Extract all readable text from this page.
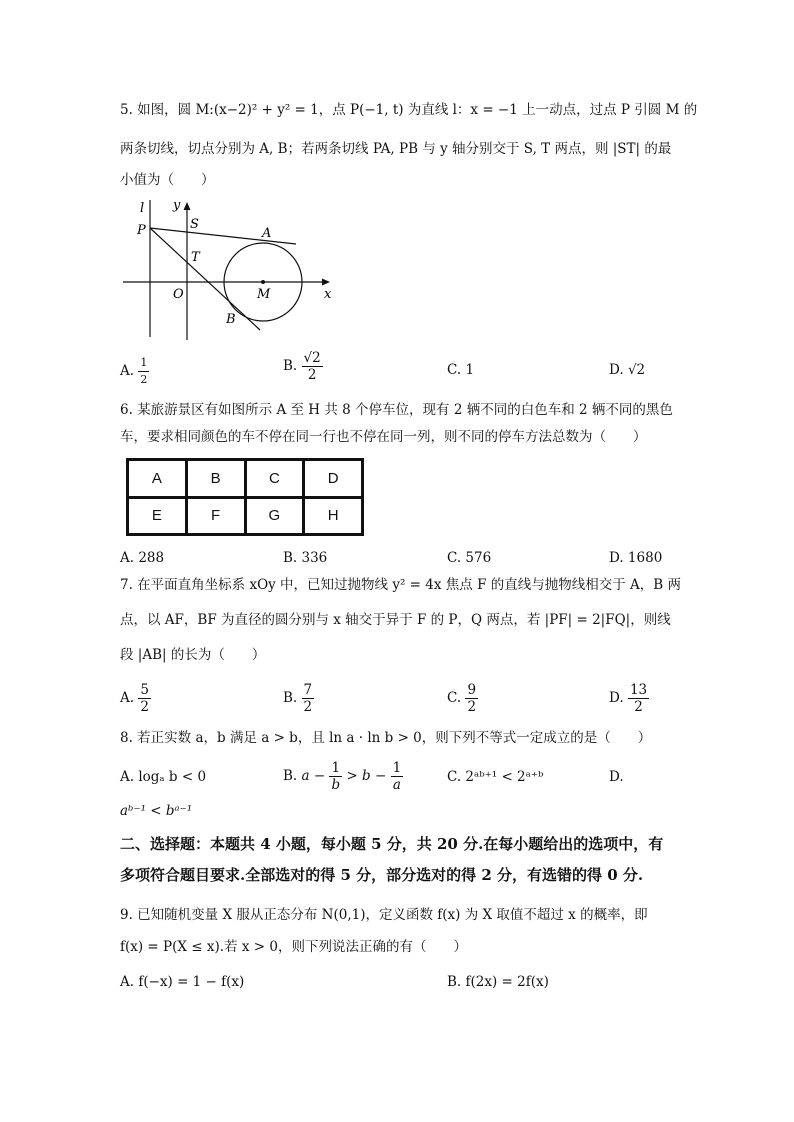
5. 如图，圆 M:(x−2)² + y² = 1，点 P(−1, t) 为直线 l：x = −1 上一动点，过点 P 引圆 M 的
两条切线，切点分别为 A, B；若两条切线 PA, PB 与 y 轴分别交于 S, T 两点，则 |ST| 的最
小值为（　　）
l y
P	S
A
T
O	M	x
B
A. $\frac{1}{2}$	B. $\frac{√2}{2}$	C. 1	D. √2
6. 某旅游景区有如图所示 A 至 H 共 8 个停车位，现有 2 辆不同的白色车和 2 辆不同的黑色
车，要求相同颜色的车不停在同一行也不停在同一列，则不同的停车方法总数为（　　）
A	B	C	D
E	F	G	H
A. 288	B. 336	C. 576	D. 1680
7. 在平面直角坐标系 xOy 中，已知过抛物线 y² = 4x 焦点 F 的直线与抛物线相交于 A，B 两
点，以 AF，BF 为直径的圆分别与 x 轴交于异于 F 的 P，Q 两点，若 |PF| = 2|FQ|，则线
段 |AB| 的长为（　　）
A. $\frac{5}{2}$	B. $\frac{7}{2}$	C. $\frac{9}{2}$	D. $\frac{13}{2}$
8. 若正实数 a，b 满足 a > b，且 ln a · ln b > 0，则下列不等式一定成立的是（　　）
A. logₐ b < 0	B. $a - \frac{1}{b} > b - \frac{1}{a}$	C. 2ᵃᵇ⁺¹ < 2ᵃ⁺ᵇ	D.
aᵇ⁻¹ < bᵃ⁻¹
二、选择题：本题共 4 小题，每小题 5 分，共 20 分.在每小题给出的选项中，有
多项符合题目要求.全部选对的得 5 分，部分选对的得 2 分，有选错的得 0 分.
9. 已知随机变量 X 服从正态分布 N(0,1)，定义函数 f(x) 为 X 取值不超过 x 的概率，即
f(x) = P(X ≤ x).若 x > 0，则下列说法正确的有（　　）
A. f(−x) = 1 − f(x)	B. f(2x) = 2f(x)
